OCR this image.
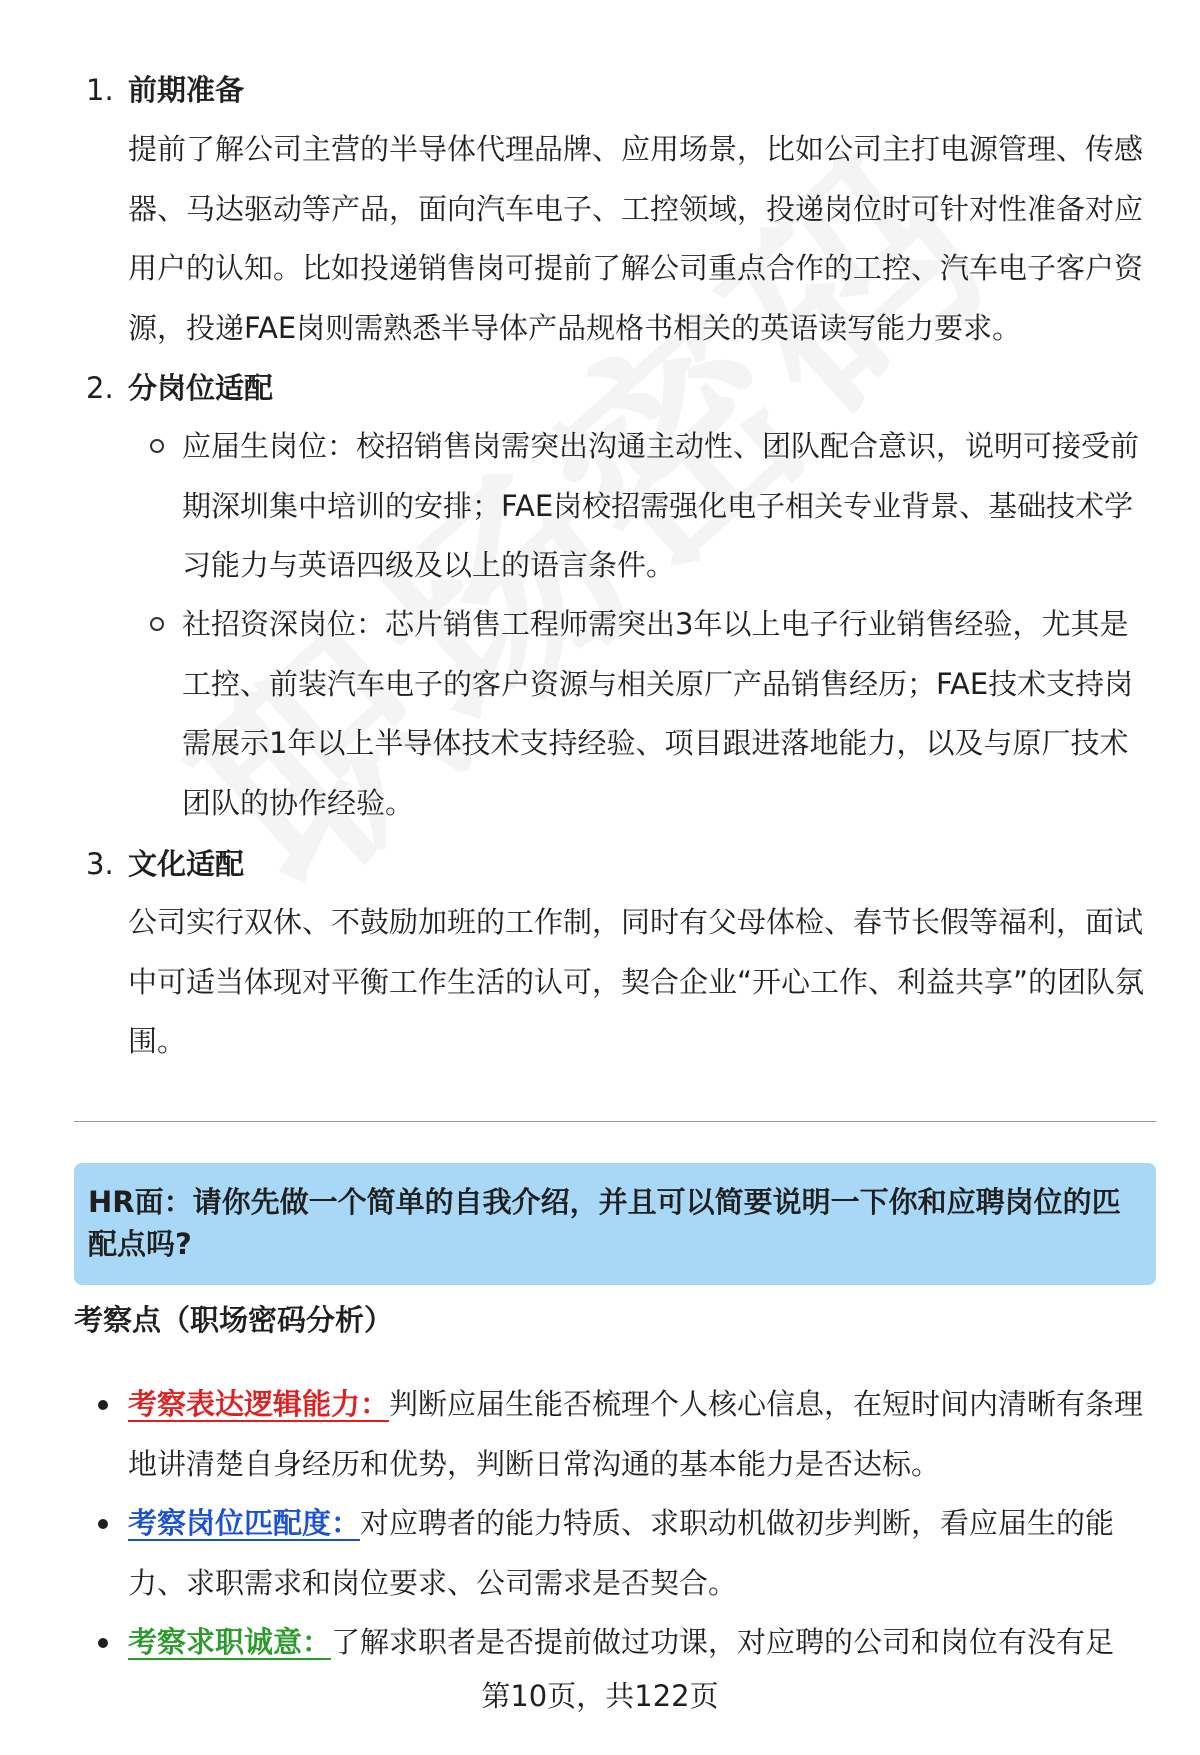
1. 前期准备
提前了解公司主营的半导体代理品牌、应用场景，比如公司主打电源管理、传感器、马达驱动等产品，面向汽车电子、工控领域，投递岗位时可针对性准备对应用户的认知。比如投递销售岗可提前了解公司重点合作的工控、汽车电子客户资源，投递FAE岗则需熟悉半导体产品规格书相关的英语读写能力要求。
2. 分岗位适配
应届生岗位：校招销售岗需突出沟通主动性、团队配合意识，说明可接受前期深圳集中培训的安排；FAE岗校招需强化电子相关专业背景、基础技术学习能力与英语四级及以上的语言条件。
社招资深岗位：芯片销售工程师需突出3年以上电子行业销售经验，尤其是工控、前装汽车电子的客户资源与相关原厂产品销售经历；FAE技术支持岗需展示1年以上半导体技术支持经验、项目跟进落地能力，以及与原厂技术团队的协作经验。
3. 文化适配
公司实行双休、不鼓励加班的工作制，同时有父母体检、春节长假等福利，面试中可适当体现对平衡工作生活的认可，契合企业“开心工作、利益共享”的团队氛围。
HR面：请你先做一个简单的自我介绍，并且可以简要说明一下你和应聘岗位的匹配点吗?
考察点（职场密码分析）
考察表达逻辑能力：判断应届生能否梳理个人核心信息，在短时间内清晰有条理地讲清楚自身经历和优势，判断日常沟通的基本能力是否达标。
考察岗位匹配度：对应聘者的能力特质、求职动机做初步判断，看应届生的能力、求职需求和岗位要求、公司需求是否契合。
考察求职诚意：了解求职者是否提前做过功课，对应聘的公司和岗位有没有足
第10页，共122页
